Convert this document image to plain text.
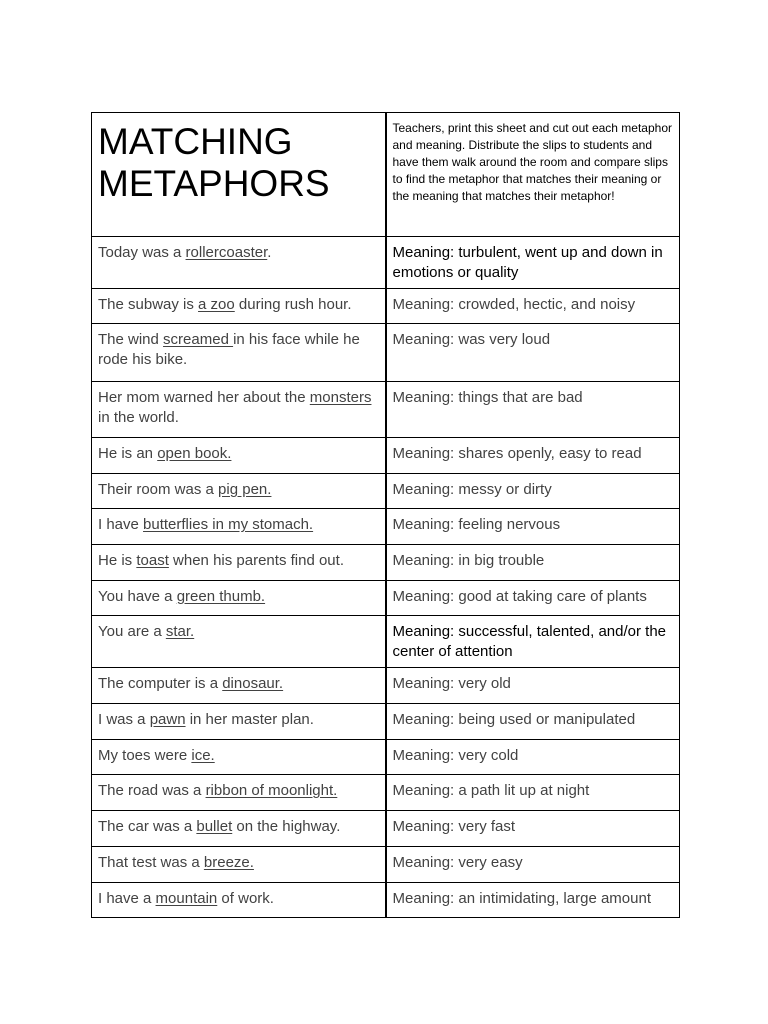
MATCHING
METAPHORS	Teachers, print this sheet and cut out each metaphor and meaning. Distribute the slips to students and have them walk around the room and compare slips to find the metaphor that matches their meaning or the meaning that matches their metaphor!

Today was a rollercoaster.	Meaning: turbulent, went up and down in emotions or quality
The subway is a zoo during rush hour.	Meaning: crowded, hectic, and noisy
The wind screamed in his face while he rode his bike.	Meaning: was very loud
Her mom warned her about the monsters in the world.	Meaning: things that are bad
He is an open book.	Meaning: shares openly, easy to read
Their room was a pig pen.	Meaning: messy or dirty
I have butterflies in my stomach.	Meaning: feeling nervous
He is toast when his parents find out.	Meaning: in big trouble
You have a green thumb.	Meaning: good at taking care of plants
You are a star.	Meaning: successful, talented, and/or the center of attention
The computer is a dinosaur.	Meaning: very old
I was a pawn in her master plan.	Meaning: being used or manipulated
My toes were ice.	Meaning: very cold
The road was a ribbon of moonlight.	Meaning: a path lit up at night
The car was a bullet on the highway.	Meaning: very fast
That test was a breeze.	Meaning: very easy
I have a mountain of work.	Meaning: an intimidating, large amount
